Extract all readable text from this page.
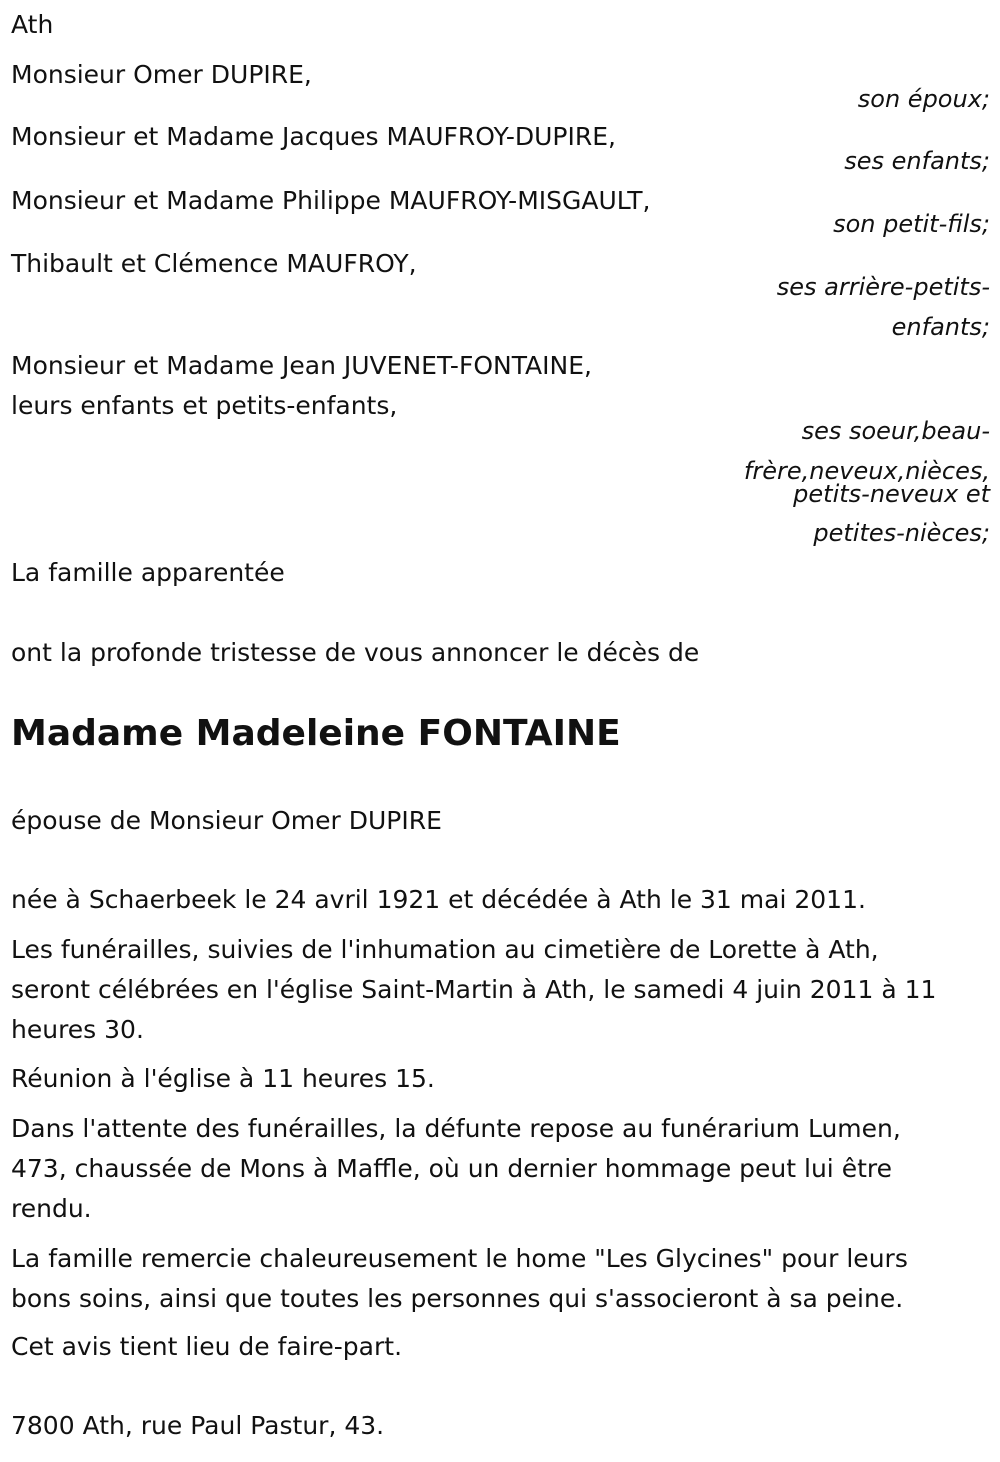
Ath

Monsieur Omer DUPIRE,

son époux;

Monsieur et Madame Jacques MAUFROY-DUPIRE,

ses enfants;

Monsieur et Madame Philippe MAUFROY-MISGAULT,

son petit-fils;

Thibault et Clémence MAUFROY,

ses arrière-petits-

enfants;

Monsieur et Madame Jean JUVENET-FONTAINE,

leurs enfants et petits-enfants,

ses soeur,beau-

frère,neveux,nièces,

petits-neveux et

petites-nièces;

La famille apparentée

ont la profonde tristesse de vous annoncer le décès de

Madame Madeleine FONTAINE

épouse de Monsieur Omer DUPIRE

née à Schaerbeek le 24 avril 1921 et décédée à Ath le 31 mai 2011.

Les funérailles, suivies de l'inhumation au cimetière de Lorette à Ath,

seront célébrées en l'église Saint-Martin à Ath, le samedi 4 juin 2011 à 11

heures 30.

Réunion à l'église à 11 heures 15.

Dans l'attente des funérailles, la défunte repose au funérarium Lumen,

473, chaussée de Mons à Maffle, où un dernier hommage peut lui être

rendu.

La famille remercie chaleureusement le home "Les Glycines" pour leurs

bons soins, ainsi que toutes les personnes qui s'associeront à sa peine.

Cet avis tient lieu de faire-part.

7800 Ath, rue Paul Pastur, 43.
